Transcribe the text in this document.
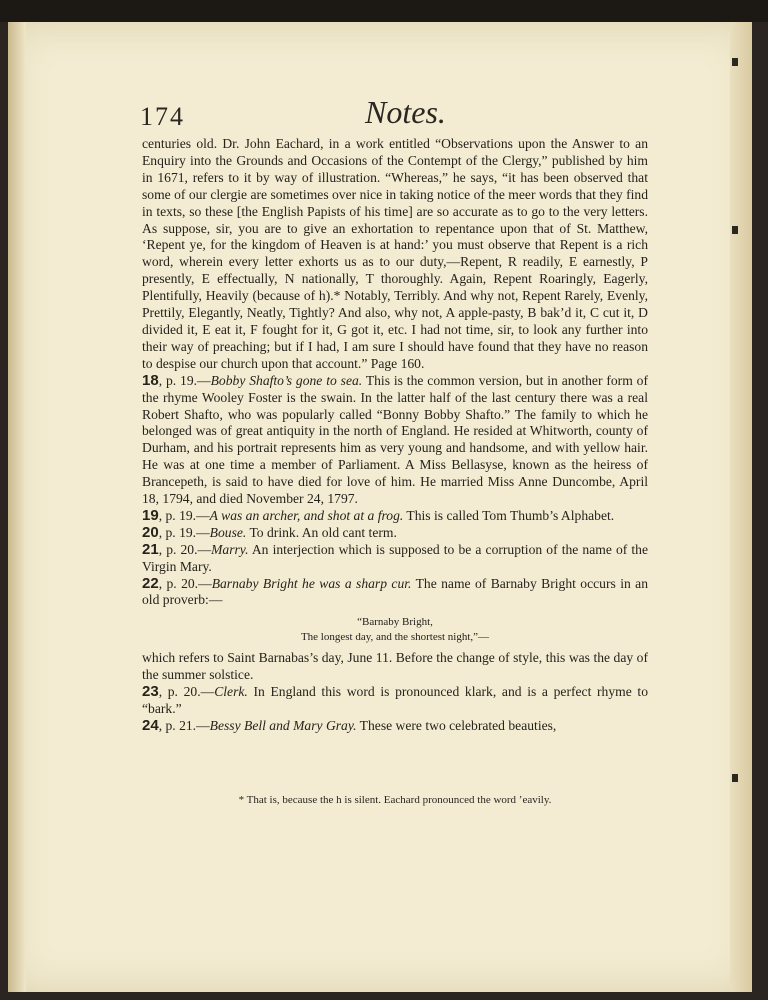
174	Notes.

centuries old. Dr. John Eachard, in a work entitled “Observations upon the Answer to an Enquiry into the Grounds and Occasions of the Contempt of the Clergy,” published by him in 1671, refers to it by way of illustration. “Whereas,” he says, “it has been observed that some of our clergie are sometimes over nice in taking notice of the meer words that they find in texts, so these [the English Papists of his time] are so accurate as to go to the very letters. As suppose, sir, you are to give an exhortation to repentance upon that of St. Matthew, ‘Repent ye, for the kingdom of Heaven is at hand:’ you must observe that Repent is a rich word, wherein every letter exhorts us as to our duty,—Repent, R readily, E earnestly, P presently, E effectually, N nationally, T thoroughly. Again, Repent Roaringly, Eagerly, Plentifully, Heavily (because of h).* Notably, Terribly. And why not, Repent Rarely, Evenly, Prettily, Elegantly, Neatly, Tightly? And also, why not, A apple-pasty, B bak’d it, C cut it, D divided it, E eat it, F fought for it, G got it, etc. I had not time, sir, to look any further into their way of preaching; but if I had, I am sure I should have found that they have no reason to despise our church upon that account.” Page 160.

18, p. 19.—Bobby Shafto’s gone to sea. This is the common version, but in another form of the rhyme Wooley Foster is the swain. In the latter half of the last century there was a real Robert Shafto, who was popularly called “Bonny Bobby Shafto.” The family to which he belonged was of great antiquity in the north of England. He resided at Whitworth, county of Durham, and his portrait represents him as very young and handsome, and with yellow hair. He was at one time a member of Parliament. A Miss Bellasyse, known as the heiress of Brancepeth, is said to have died for love of him. He married Miss Anne Duncombe, April 18, 1794, and died November 24, 1797.

19, p. 19.—A was an archer, and shot at a frog. This is called Tom Thumb’s Alphabet.

20, p. 19.—Bouse. To drink. An old cant term.

21, p. 20.—Marry. An interjection which is supposed to be a corruption of the name of the Virgin Mary.

22, p. 20.—Barnaby Bright he was a sharp cur. The name of Barnaby Bright occurs in an old proverb:—

“Barnaby Bright,
The longest day, and the shortest night,”—

which refers to Saint Barnabas’s day, June 11. Before the change of style, this was the day of the summer solstice.

23, p. 20.—Clerk. In England this word is pronounced klark, and is a perfect rhyme to “bark.”

24, p. 21.—Bessy Bell and Mary Gray. These were two celebrated beauties,

* That is, because the h is silent. Eachard pronounced the word ’eavily.
